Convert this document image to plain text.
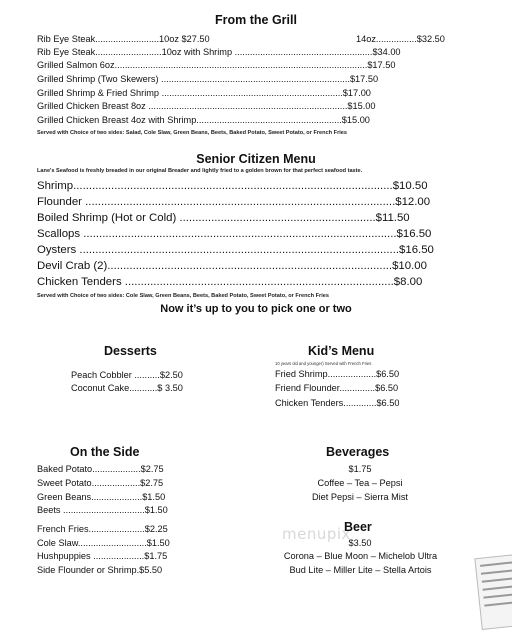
From the Grill
Rib Eye Steak.........................10oz $27.50	14oz................$32.50
Rib Eye Steak..........................10oz with Shrimp ......................................................$34.00
Grilled Salmon 6oz...................................................................................................$17.50
Grilled Shrimp (Two Skewers) ..........................................................................$17.50
Grilled Shrimp & Fried Shrimp .......................................................................$17.00
Grilled Chicken Breast 8oz ..............................................................................$15.00
Grilled Chicken Breast 4oz with Shrimp.........................................................$15.00
Served with Choice of two sides: Salad, Cole Slaw, Green Beans, Beets, Baked Potato, Sweet Potato, or French Fries
Senior Citizen Menu
Lane's Seafood is freshly breaded in our original Breader and lightly fried to a golden brown for that perfect seafood taste.
Shrimp.....................................................................................................$10.50
Flounder ..................................................................................................$12.00
Boiled Shrimp (Hot or Cold) ..............................................................$11.50
Scallops ...................................................................................................$16.50
Oysters .....................................................................................................$16.50
Devil Crab (2)..........................................................................................$10.00
Chicken Tenders .....................................................................................$8.00
Served with Choice of two sides: Cole Slaw, Green Beans, Beets, Baked Potato, Sweet Potato, or French Fries
Now it’s up to you to pick one or two
Desserts
Peach Cobbler ..........$2.50
Coconut Cake...........$ 3.50
Kid’s Menu
10 years old and younger) Served with French Fries
Fried Shrimp...................$6.50
Friend Flounder..............$6.50
Chicken Tenders.............$6.50
On the Side
Baked Potato...................$2.75
Sweet Potato...................$2.75
Green Beans....................$1.50
Beets ................................$1.50
French Fries......................$2.25
Cole Slaw...........................$1.50
Hushpuppies ....................$1.75
Side Flounder or Shrimp.$5.50
Beverages
$1.75
Coffee – Tea – Pepsi
Diet Pepsi – Sierra Mist
menupix
Beer
$3.50
Corona – Blue Moon – Michelob Ultra
Bud Lite – Miller Lite – Stella Artois
